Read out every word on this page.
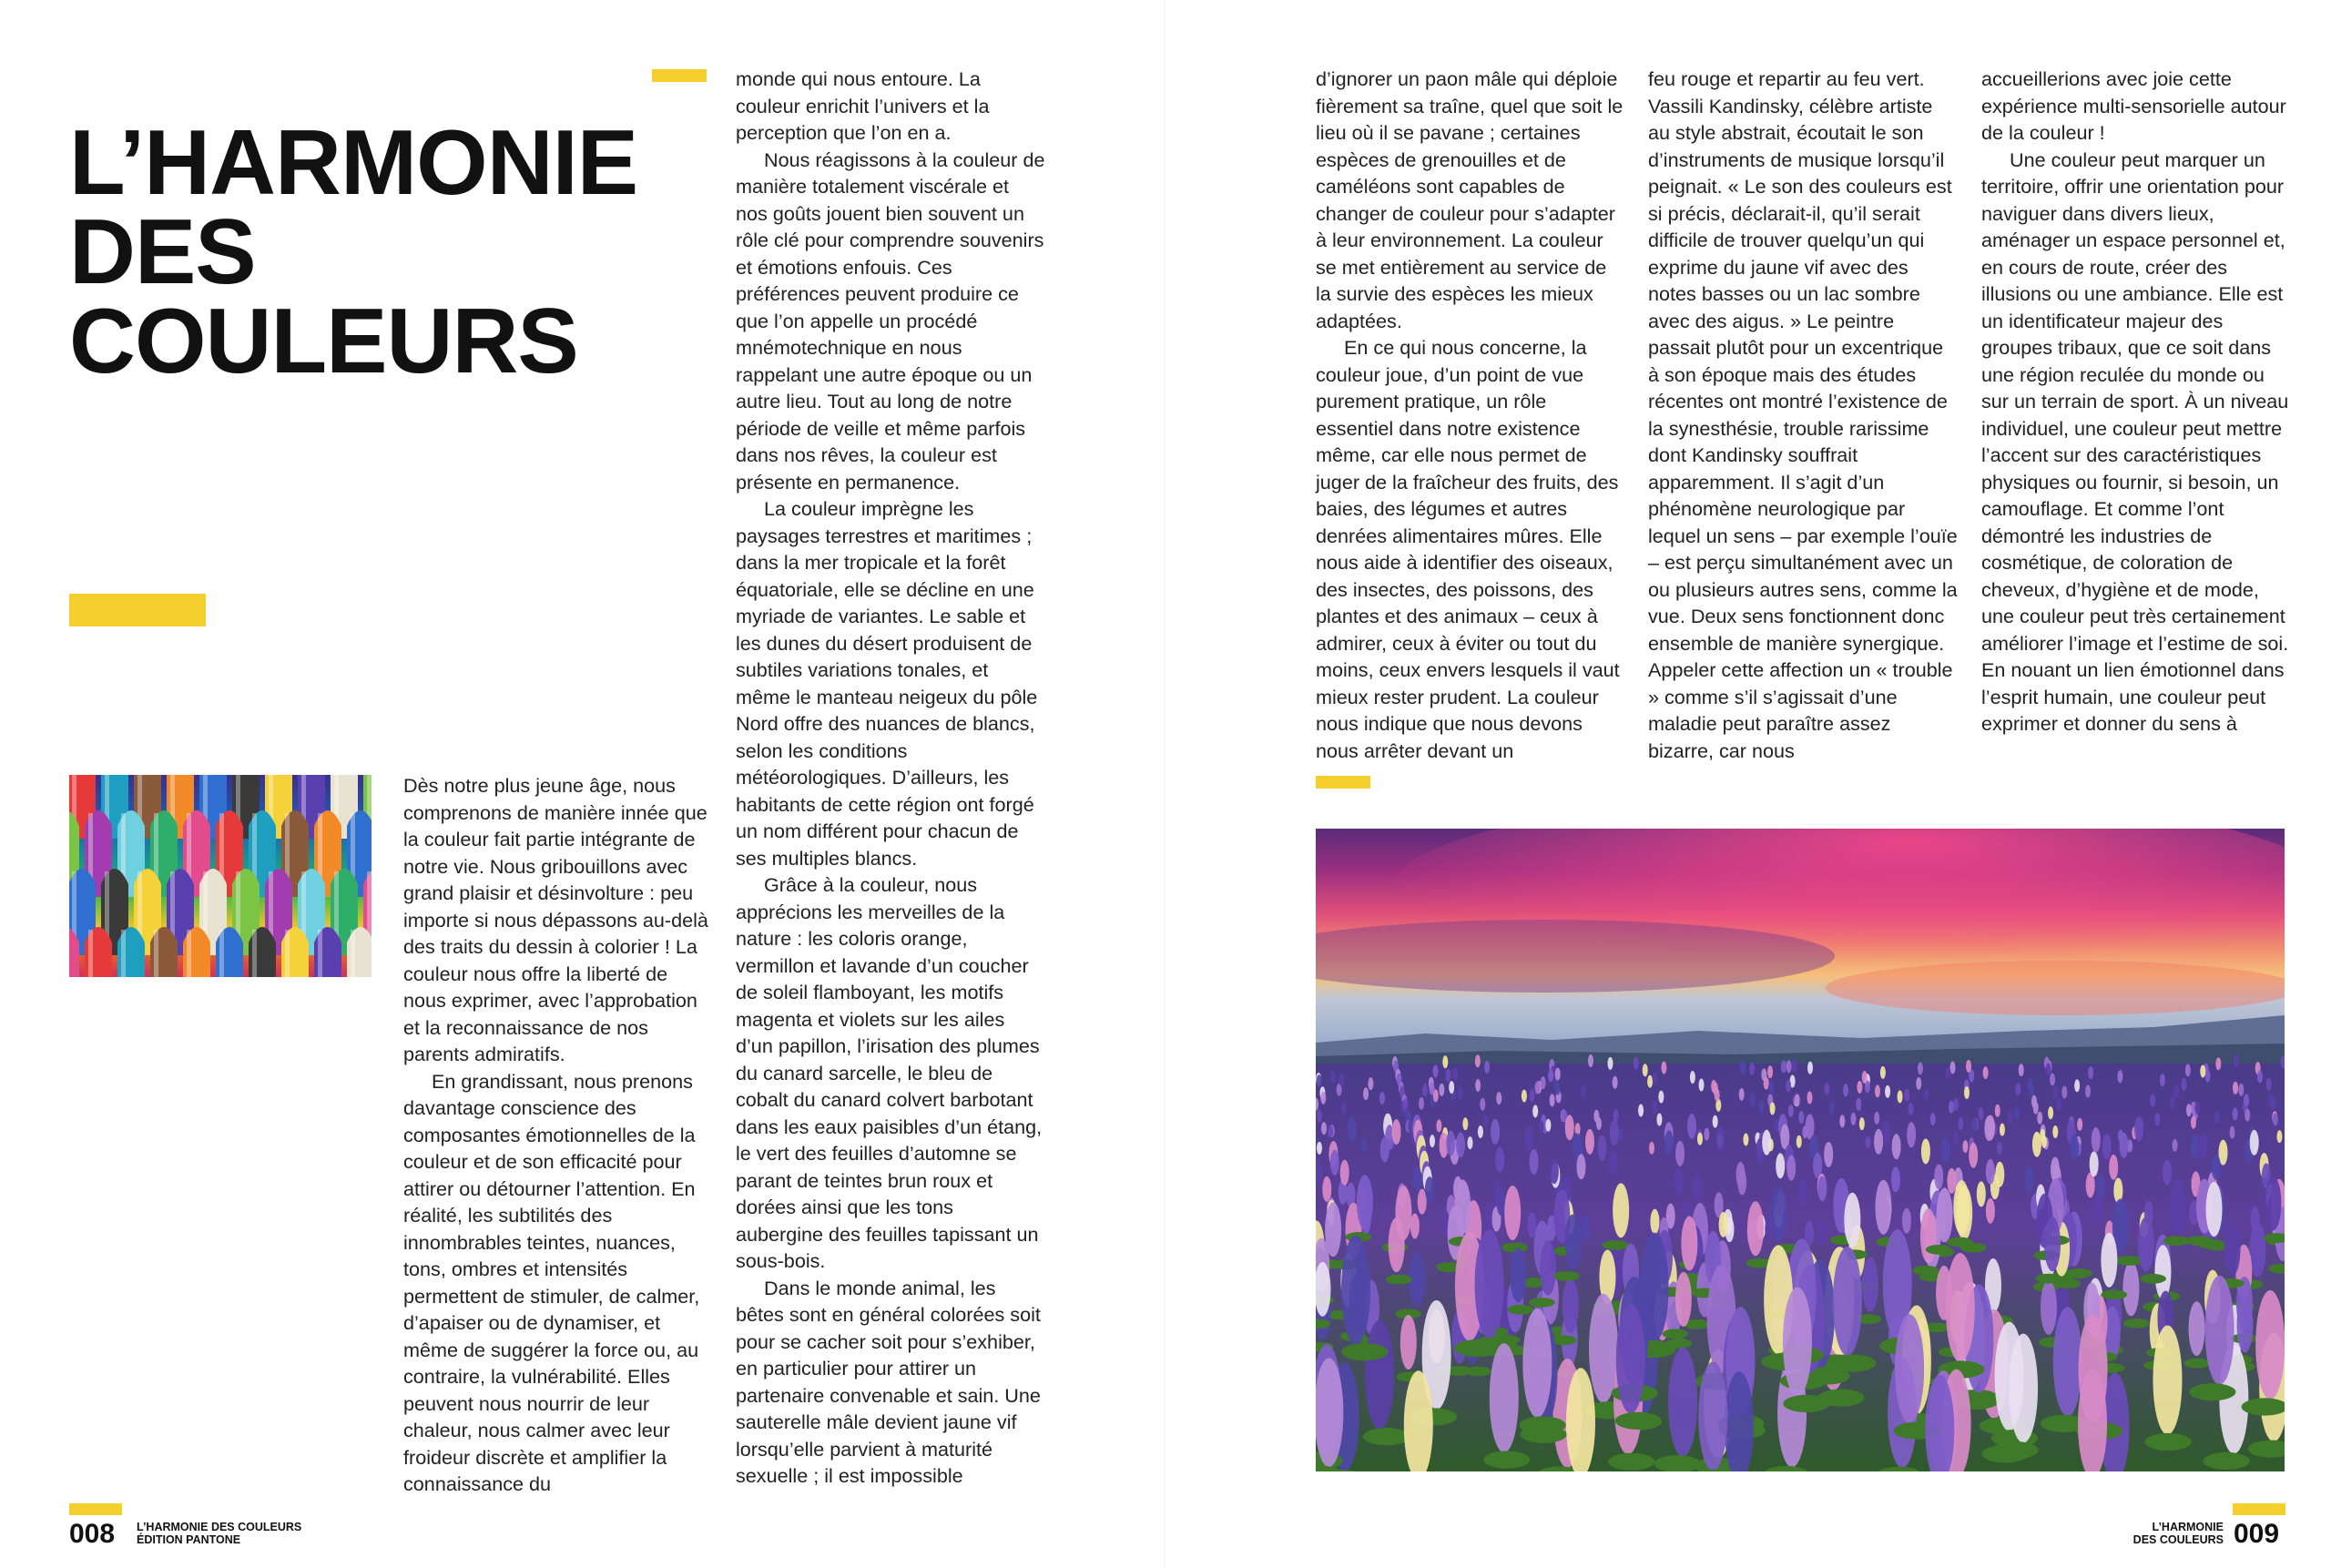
L’HARMONIE
DES
COULEURS

Dès notre plus jeune âge, nous comprenons de manière innée que la couleur fait partie intégrante de notre vie. Nous gribouillons avec grand plaisir et désinvolture : peu importe si nous dépassons au-delà des traits du dessin à colorier ! La couleur nous offre la liberté de nous exprimer, avec l’approbation et la reconnaissance de nos parents admiratifs.

En grandissant, nous prenons davantage conscience des composantes émotionnelles de la couleur et de son efficacité pour attirer ou détourner l’attention. En réalité, les subtilités des innombrables teintes, nuances, tons, ombres et intensités permettent de stimuler, de calmer, d’apaiser ou de dynamiser, et même de suggérer la force ou, au contraire, la vulnérabilité. Elles peuvent nous nourrir de leur chaleur, nous calmer avec leur froideur discrète et amplifier la connaissance du

monde qui nous entoure. La couleur enrichit l’univers et la perception que l’on en a.

Nous réagissons à la couleur de manière totalement viscérale et nos goûts jouent bien souvent un rôle clé pour comprendre souvenirs et émotions enfouis. Ces préférences peuvent produire ce que l’on appelle un procédé mnémotechnique en nous rappelant une autre époque ou un autre lieu. Tout au long de notre période de veille et même parfois dans nos rêves, la couleur est présente en permanence.

La couleur imprègne les paysages terrestres et maritimes ; dans la mer tropicale et la forêt équatoriale, elle se décline en une myriade de variantes. Le sable et les dunes du désert produisent de subtiles variations tonales, et même le manteau neigeux du pôle Nord offre des nuances de blancs, selon les conditions météorologiques. D’ailleurs, les habitants de cette région ont forgé un nom différent pour chacun de ses multiples blancs.

Grâce à la couleur, nous apprécions les merveilles de la nature : les coloris orange, vermillon et lavande d’un coucher de soleil flamboyant, les motifs magenta et violets sur les ailes d’un papillon, l’irisation des plumes du canard sarcelle, le bleu de cobalt du canard colvert barbotant dans les eaux paisibles d’un étang, le vert des feuilles d’automne se parant de teintes brun roux et dorées ainsi que les tons aubergine des feuilles tapissant un sous-bois.

Dans le monde animal, les bêtes sont en général colorées soit pour se cacher soit pour s’exhiber, en particulier pour attirer un partenaire convenable et sain. Une sauterelle mâle devient jaune vif lorsqu’elle parvient à maturité sexuelle ; il est impossible

008 L’HARMONIE DES COULEURS
ÉDITION PANTONE

d’ignorer un paon mâle qui déploie fièrement sa traîne, quel que soit le lieu où il se pavane ; certaines espèces de grenouilles et de caméléons sont capables de changer de couleur pour s’adapter à leur environnement. La couleur se met entièrement au service de la survie des espèces les mieux adaptées.

En ce qui nous concerne, la couleur joue, d’un point de vue purement pratique, un rôle essentiel dans notre existence même, car elle nous permet de juger de la fraîcheur des fruits, des baies, des légumes et autres denrées alimentaires mûres. Elle nous aide à identifier des oiseaux, des insectes, des poissons, des plantes et des animaux – ceux à admirer, ceux à éviter ou tout du moins, ceux envers lesquels il vaut mieux rester prudent. La couleur nous indique que nous devons nous arrêter devant un

feu rouge et repartir au feu vert. Vassili Kandinsky, célèbre artiste au style abstrait, écoutait le son d’instruments de musique lorsqu’il peignait. « Le son des couleurs est si précis, déclarait-il, qu’il serait difficile de trouver quelqu’un qui exprime du jaune vif avec des notes basses ou un lac sombre avec des aigus. » Le peintre passait plutôt pour un excentrique à son époque mais des études récentes ont montré l’existence de la synesthésie, trouble rarissime dont Kandinsky souffrait apparemment. Il s’agit d’un phénomène neurologique par lequel un sens – par exemple l’ouïe – est perçu simultanément avec un ou plusieurs autres sens, comme la vue. Deux sens fonctionnent donc ensemble de manière synergique. Appeler cette affection un « trouble » comme s’il s’agissait d’une maladie peut paraître assez bizarre, car nous

accueillerions avec joie cette expérience multi-sensorielle autour de la couleur !

Une couleur peut marquer un territoire, offrir une orientation pour naviguer dans divers lieux, aménager un espace personnel et, en cours de route, créer des illusions ou une ambiance. Elle est un identificateur majeur des groupes tribaux, que ce soit dans une région reculée du monde ou sur un terrain de sport. À un niveau individuel, une couleur peut mettre l’accent sur des caractéristiques physiques ou fournir, si besoin, un camouflage. Et comme l’ont démontré les industries de cosmétique, de coloration de cheveux, d’hygiène et de mode, une couleur peut très certainement améliorer l’image et l’estime de soi. En nouant un lien émotionnel dans l’esprit humain, une couleur peut exprimer et donner du sens à

L’HARMONIE
DES COULEURS 009
